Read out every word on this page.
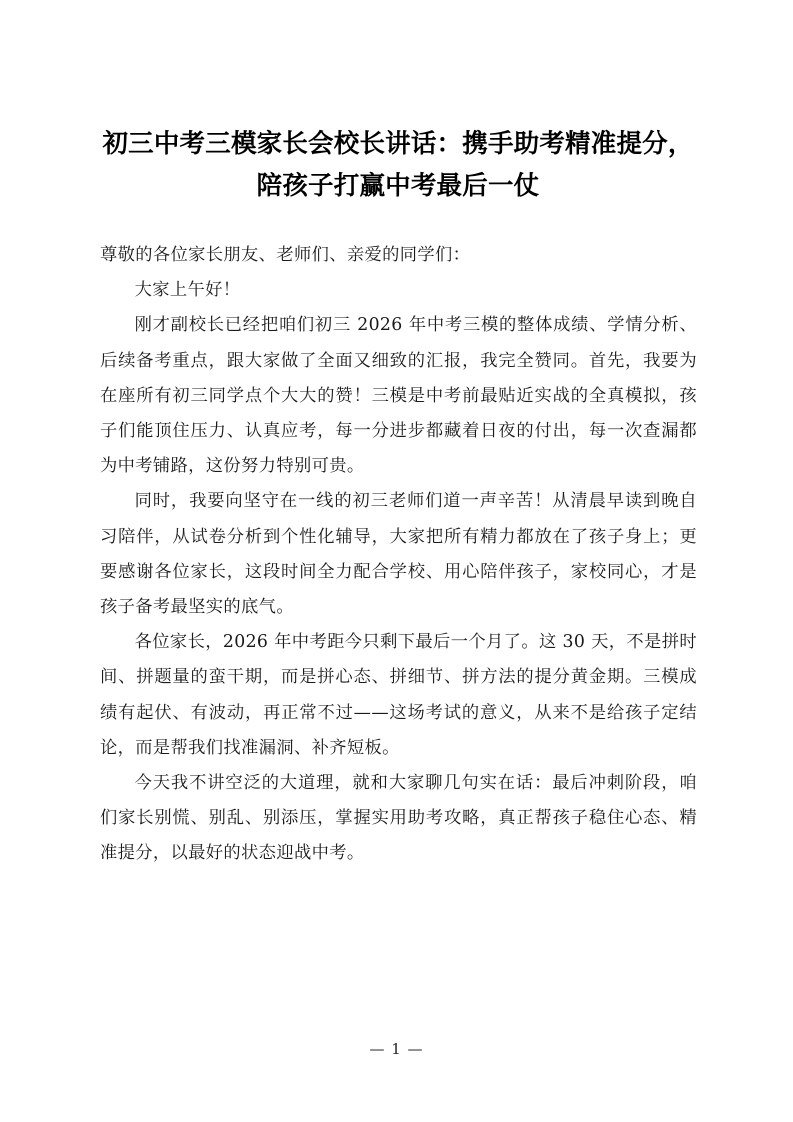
初三中考三模家长会校长讲话：携手助考精准提分，陪孩子打赢中考最后一仗

尊敬的各位家长朋友、老师们、亲爱的同学们：

大家上午好！

刚才副校长已经把咱们初三 2026 年中考三模的整体成绩、学情分析、后续备考重点，跟大家做了全面又细致的汇报，我完全赞同。首先，我要为在座所有初三同学点个大大的赞！三模是中考前最贴近实战的全真模拟，孩子们能顶住压力、认真应考，每一分进步都藏着日夜的付出，每一次查漏都为中考铺路，这份努力特别可贵。

同时，我要向坚守在一线的初三老师们道一声辛苦！从清晨早读到晚自习陪伴，从试卷分析到个性化辅导，大家把所有精力都放在了孩子身上；更要感谢各位家长，这段时间全力配合学校、用心陪伴孩子，家校同心，才是孩子备考最坚实的底气。

各位家长，2026 年中考距今只剩下最后一个月了。这 30 天，不是拼时间、拼题量的蛮干期，而是拼心态、拼细节、拼方法的提分黄金期。三模成绩有起伏、有波动，再正常不过——这场考试的意义，从来不是给孩子定结论，而是帮我们找准漏洞、补齐短板。

今天我不讲空泛的大道理，就和大家聊几句实在话：最后冲刺阶段，咱们家长别慌、别乱、别添压，掌握实用助考攻略，真正帮孩子稳住心态、精准提分，以最好的状态迎战中考。

— 1 —
